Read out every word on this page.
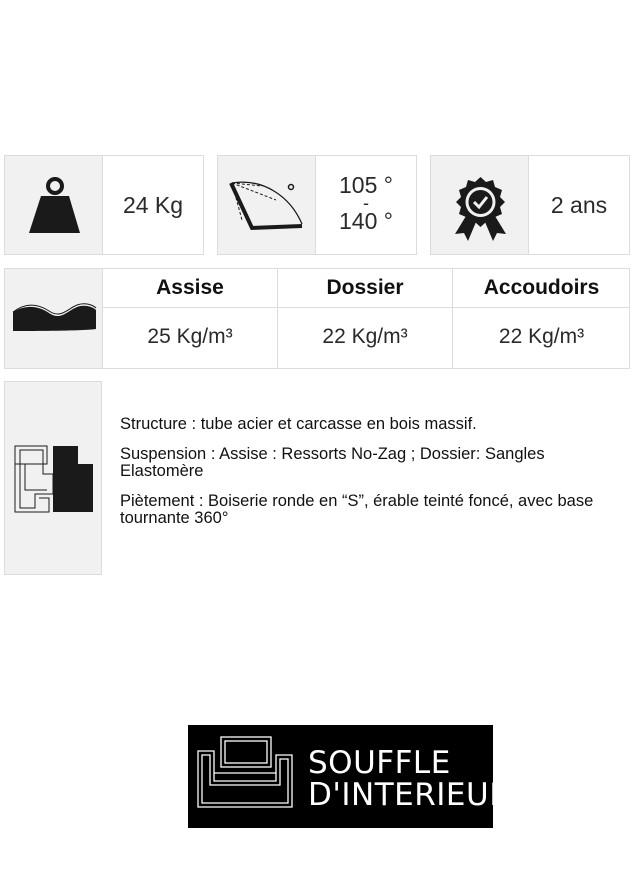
24 Kg
105 °
-
140 °
2 ans
Assise	Dossier	Accoudoirs
25 Kg/m³	22 Kg/m³	22 Kg/m³
Structure : tube acier et carcasse en bois massif.
Suspension : Assise : Ressorts No-Zag ; Dossier: Sangles Elastomère
Piètement : Boiserie ronde en “S”, érable teinté foncé, avec base tournante 360°
SOUFFLE
D'INTERIEUR
